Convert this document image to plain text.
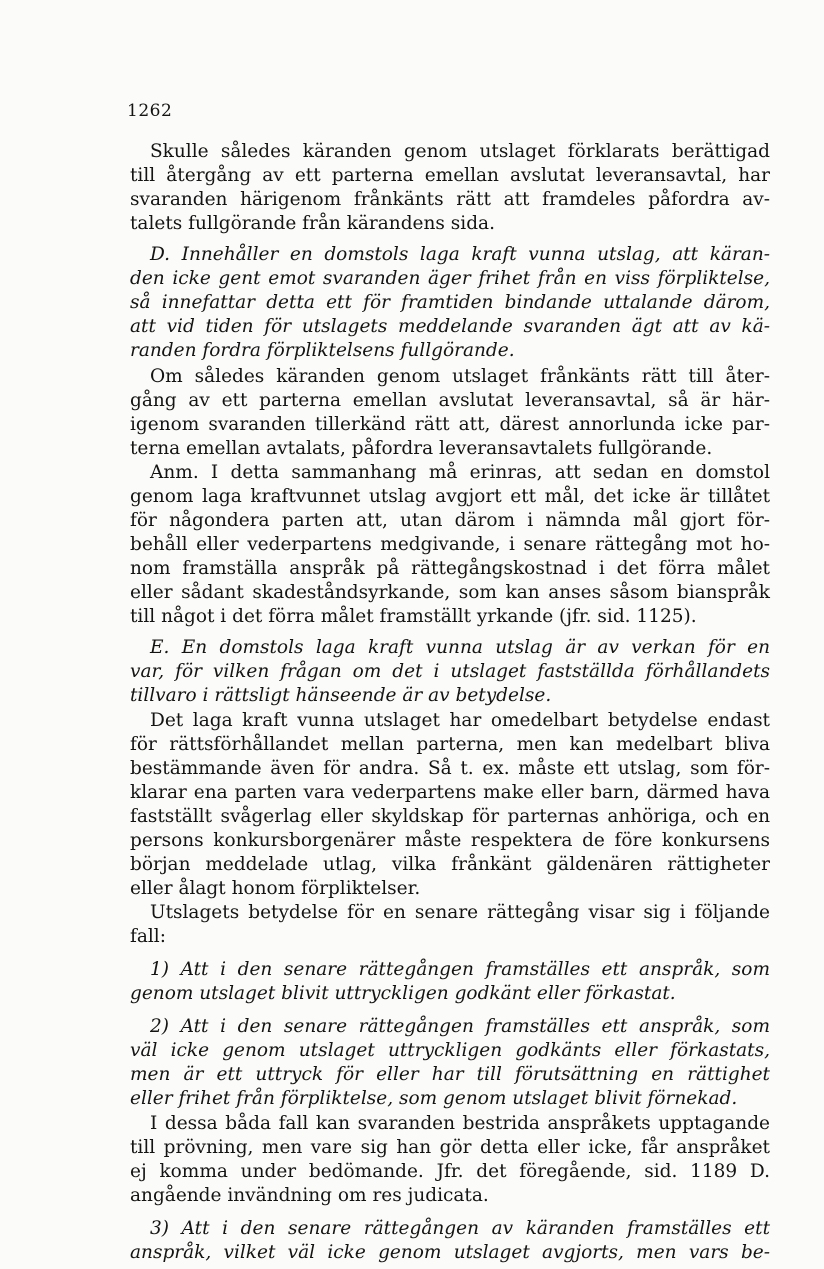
1262
Skulle således käranden genom utslaget förklarats berättigad
till återgång av ett parterna emellan avslutat leveransavtal, har
svaranden härigenom frånkänts rätt att framdeles påfordra av-
talets fullgörande från kärandens sida.
D. Innehåller en domstols laga kraft vunna utslag, att käran-
den icke gent emot svaranden äger frihet från en viss förpliktelse,
så innefattar detta ett för framtiden bindande uttalande därom,
att vid tiden för utslagets meddelande svaranden ägt att av kä-
randen fordra förpliktelsens fullgörande.
Om således käranden genom utslaget frånkänts rätt till åter-
gång av ett parterna emellan avslutat leveransavtal, så är här-
igenom svaranden tillerkänd rätt att, därest annorlunda icke par-
terna emellan avtalats, påfordra leveransavtalets fullgörande.
Anm. I detta sammanhang må erinras, att sedan en domstol
genom laga kraftvunnet utslag avgjort ett mål, det icke är tillåtet
för någondera parten att, utan därom i nämnda mål gjort för-
behåll eller vederpartens medgivande, i senare rättegång mot ho-
nom framställa anspråk på rättegångskostnad i det förra målet
eller sådant skadeståndsyrkande, som kan anses såsom bianspråk
till något i det förra målet framställt yrkande (jfr. sid. 1125).
E. En domstols laga kraft vunna utslag är av verkan för en
var, för vilken frågan om det i utslaget fastställda förhållandets
tillvaro i rättsligt hänseende är av betydelse.
Det laga kraft vunna utslaget har omedelbart betydelse endast
för rättsförhållandet mellan parterna, men kan medelbart bliva
bestämmande även för andra. Så t. ex. måste ett utslag, som för-
klarar ena parten vara vederpartens make eller barn, därmed hava
fastställt svågerlag eller skyldskap för parternas anhöriga, och en
persons konkursborgenärer måste respektera de före konkursens
början meddelade utlag, vilka frånkänt gäldenären rättigheter
eller ålagt honom förpliktelser.
Utslagets betydelse för en senare rättegång visar sig i följande
fall:
1) Att i den senare rättegången framställes ett anspråk, som
genom utslaget blivit uttryckligen godkänt eller förkastat.
2) Att i den senare rättegången framställes ett anspråk, som
väl icke genom utslaget uttryckligen godkänts eller förkastats,
men är ett uttryck för eller har till förutsättning en rättighet
eller frihet från förpliktelse, som genom utslaget blivit förnekad.
I dessa båda fall kan svaranden bestrida anspråkets upptagande
till prövning, men vare sig han gör detta eller icke, får anspråket
ej komma under bedömande. Jfr. det föregående, sid. 1189 D.
angående invändning om res judicata.
3) Att i den senare rättegången av käranden framställes ett
anspråk, vilket väl icke genom utslaget avgjorts, men vars be-
